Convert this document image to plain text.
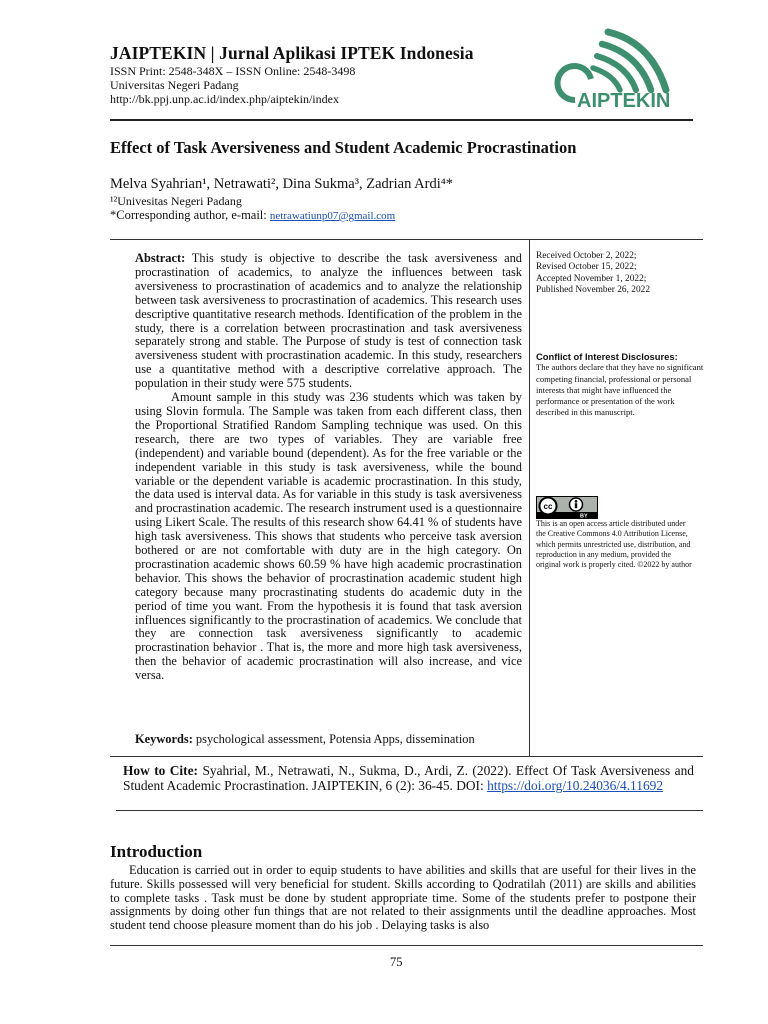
JAIPTEKIN | Jurnal Aplikasi IPTEK Indonesia
ISSN Print: 2548-348X – ISSN Online: 2548-3498
Universitas Negeri Padang
http://bk.ppj.unp.ac.id/index.php/aiptekin/index	AIPTEKIN
Effect of Task Aversiveness and Student Academic Procrastination
Melva Syahrian¹, Netrawati², Dina Sukma³, Zadrian Ardi⁴*
¹²Univesitas Negeri Padang
*Corresponding author, e-mail: netrawatiunp07@gmail.com

Abstract: This study is objective to describe the task aversiveness and procrastination of academics, to analyze the influences between task aversiveness to procrastination of academics and to analyze the relationship between task aversiveness to procrastination of academics. This research uses descriptive quantitative research methods. Identification of the problem in the study, there is a correlation between procrastination and task aversiveness separately strong and stable. The Purpose of study is test of connection task aversiveness student with procrastination academic. In this study, researchers use a quantitative method with a descriptive correlative approach. The population in their study were 575 students.

Amount sample in this study was 236 students which was taken by using Slovin formula. The Sample was taken from each different class, then the Proportional Stratified Random Sampling technique was used. On this research, there are two types of variables. They are variable free (independent) and variable bound (dependent). As for the free variable or the independent variable in this study is task aversiveness, while the bound variable or the dependent variable is academic procrastination. In this study, the data used is interval data. As for variable in this study is task aversiveness and procrastination academic. The research instrument used is a questionnaire using Likert Scale. The results of this research show 64.41 % of students have high task aversiveness. This shows that students who perceive task aversion bothered or are not comfortable with duty are in the high category. On procrastination academic shows 60.59 % have high academic procrastination behavior. This shows the behavior of procrastination academic student high category because many procrastinating students do academic duty in the period of time you want. From the hypothesis it is found that task aversion influences significantly to the procrastination of academics. We conclude that they are connection task aversiveness significantly to academic procrastination behavior . That is, the more and more high task aversiveness, then the behavior of academic procrastination will also increase, and vice versa.

Keywords: psychological assessment, Potensia Apps, dissemination
Received October 2, 2022;
Revised October 15, 2022;
Accepted November 1, 2022;
Published November 26, 2022
Conflict of Interest Disclosures:
The authors declare that they have no significant competing financial, professional or personal interests that might have influenced the performance or presentation of the work described in this manuscript.
cc
BY
This is an open access article distributed under the Creative Commons 4.0 Attribution License, which permits unrestricted use, distribution, and reproduction in any medium, provided the original work is properly cited. ©2022 by author
How to Cite: Syahrial, M., Netrawati, N., Sukma, D., Ardi, Z. (2022). Effect Of Task Aversiveness and Student Academic Procrastination. JAIPTEKIN, 6 (2): 36-45. DOI: https://doi.org/10.24036/4.11692
Introduction
Education is carried out in order to equip students to have abilities and skills that are useful for their lives in the future. Skills possessed will very beneficial for student. Skills according to Qodratilah (2011) are skills and abilities to complete tasks . Task must be done by student appropriate time. Some of the students prefer to postpone their assignments by doing other fun things that are not related to their assignments until the deadline approaches. Most student tend choose pleasure moment than do his job . Delaying tasks is also
75
